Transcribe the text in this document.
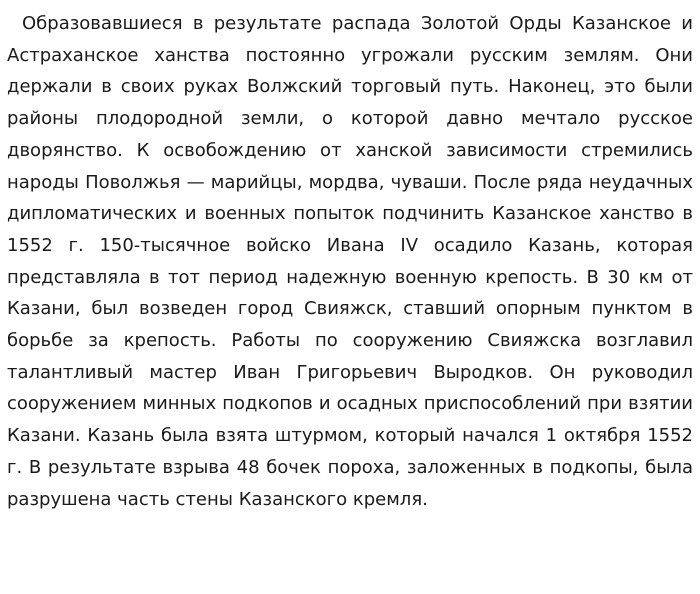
Образовавшиеся в результате распада Золотой Орды Казанское и Астраханское ханства постоянно угрожали русским землям. Они держали в своих руках Волжский торговый путь. Наконец, это были районы плодородной земли, о которой давно мечтало русское дворянство. К освобождению от ханской зависимости стремились народы Поволжья — марийцы, мордва, чуваши. После ряда неудачных дипломатических и военных попыток подчинить Казанское ханство в 1552 г. 150-тысячное войско Ивана IV осадило Казань, которая представляла в тот период надежную военную крепость. В 30 км от Казани, был возведен город Свияжск, ставший опорным пунктом в борьбе за крепость. Работы по сооружению Свияжска возглавил талантливый мастер Иван Григорьевич Выродков. Он руководил сооружением минных подкопов и осадных приспособлений при взятии Казани. Казань была взята штурмом, который начался 1 октября 1552 г. В результате взрыва 48 бочек пороха, заложенных в подкопы, была разрушена часть стены Казанского кремля.
